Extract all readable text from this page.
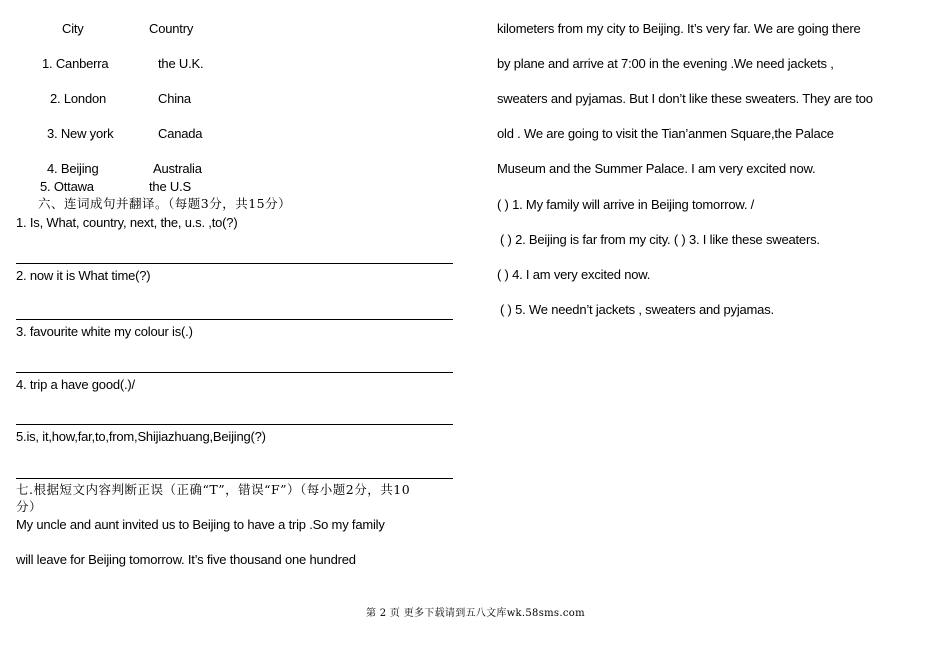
City	Country
1. Canberra	the U.K.
2. London	China
3. New york	Canada
4. Beijing	Australia
5. Ottawa	the U.S
六、连词成句并翻译。（每题3分，共15分）
1. Is, What, country, next, the, u.s. ,to(?)
2. now it is What time(?)
3. favourite white my colour is(.)
4. trip a have good(.)/
5.is, it,how,far,to,from,Shijiazhuang,Beijing(?)
七.根据短文内容判断正误（正确“T”，错误“F”）（每小题2分，共10
分）
My uncle and aunt invited us to Beijing to have a trip .So my family
will leave for Beijing tomorrow. It’s five thousand one hundred
kilometers from my city to Beijing. It’s very far. We are going there
by plane and arrive at 7:00 in the evening .We need jackets ,
sweaters and pyjamas. But I don’t like these sweaters. They are too
old . We are going to visit the Tian’anmen Square,the Palace
Museum and the Summer Palace. I am very excited now.
( ) 1. My family will arrive in Beijing tomorrow. /
( ) 2. Beijing is far from my city. ( ) 3. I like these sweaters.
( ) 4. I am very excited now.
( ) 5. We needn’t jackets , sweaters and pyjamas.
第 2 页 更多下载请到五八文库wk.58sms.com
